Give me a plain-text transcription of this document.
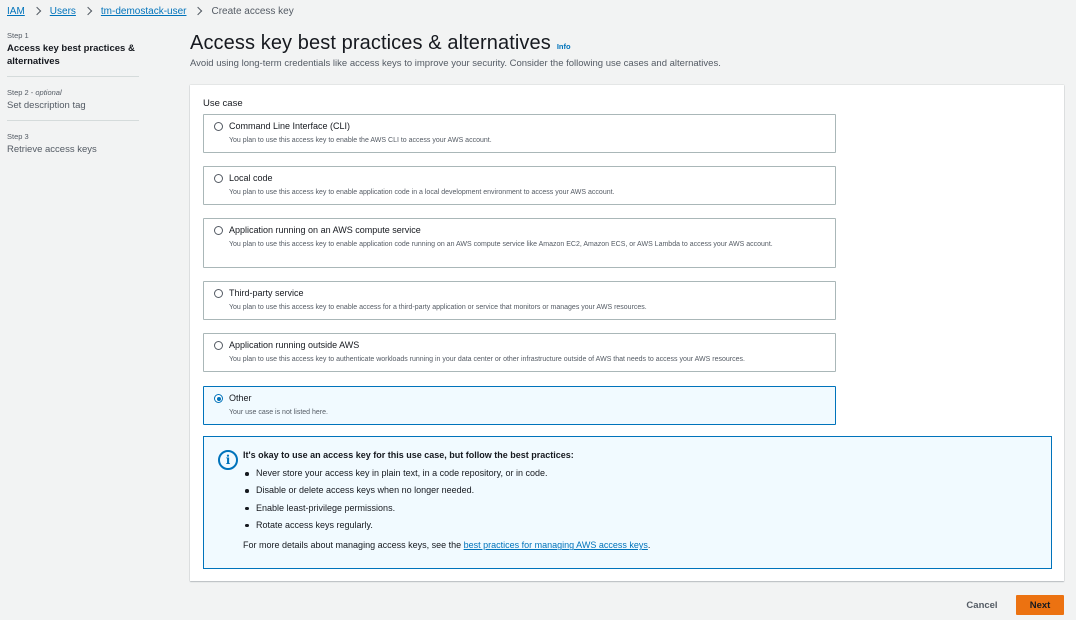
IAM	Users	tm-demostack-user	Create access key
Step 1
Access key best practices & alternatives
Step 2 - optional
Set description tag
Step 3
Retrieve access keys
Access key best practices & alternatives Info
Avoid using long-term credentials like access keys to improve your security. Consider the following use cases and alternatives.
Use case
Command Line Interface (CLI)
You plan to use this access key to enable the AWS CLI to access your AWS account.
Local code
You plan to use this access key to enable application code in a local development environment to access your AWS account.
Application running on an AWS compute service
You plan to use this access key to enable application code running on an AWS compute service like Amazon EC2, Amazon ECS, or AWS Lambda to access your AWS account.
Third-party service
You plan to use this access key to enable access for a third-party application or service that monitors or manages your AWS resources.
Application running outside AWS
You plan to use this access key to authenticate workloads running in your data center or other infrastructure outside of AWS that needs to access your AWS resources.
Other
Your use case is not listed here.
i	It's okay to use an access key for this use case, but follow the best practices:
Never store your access key in plain text, in a code repository, or in code.
Disable or delete access keys when no longer needed.
Enable least-privilege permissions.
Rotate access keys regularly.
For more details about managing access keys, see the best practices for managing AWS access keys.
Cancel	Next
